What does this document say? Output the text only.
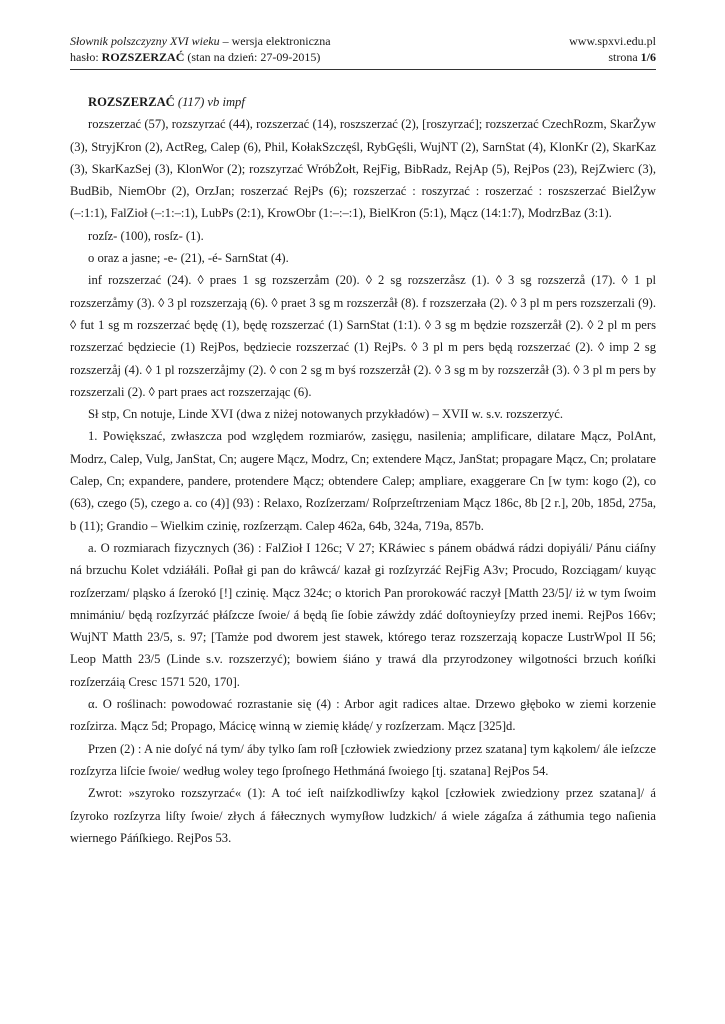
Słownik polszczyzny XVI wieku – wersja elektroniczna	www.spxvi.edu.pl
hasło: ROZSZERZAĆ (stan na dzień: 27-09-2015)	strona 1/6

ROZSZERZAĆ (117) vb impf

rozszerzać (57), rozszyrzać (44), rozszerzać (14), roszszerzać (2), [roszyrzać]; rozszerzać CzechRozm, SkarŻyw (3), StryjKron (2), ActReg, Calep (6), Phil, KołakSzczęśl, RybGęśli, WujNT (2), SarnStat (4), KlonKr (2), SkarKaz (3), SkarKazSej (3), KlonWor (2); rozszyrzać WróbŻołt, RejFig, BibRadz, RejAp (5), RejPos (23), RejZwierc (3), BudBib, NiemObr (2), OrzJan; roszerzać RejPs (6); rozszerzać : roszyrzać : roszerzać : roszszerzać BielŻyw (–:1:1), FalZioł (–:1:–:1), LubPs (2:1), KrowObr (1:–:–:1), BielKron (5:1), Mącz (14:1:7), ModrzBaz (3:1).

rozſz- (100), rosſz- (1).

o oraz a jasne; -e- (21), -é- SarnStat (4).

inf rozszerzać (24). ◊ praes 1 sg rozszerzåm (20). ◊ 2 sg rozszerzåsz (1). ◊ 3 sg rozszerzå (17). ◊ 1 pl rozszerzåmy (3). ◊ 3 pl rozszerzają (6). ◊ praet 3 sg m rozszerzåł (8). f rozszerzała (2). ◊ 3 pl m pers rozszerzali (9). ◊ fut 1 sg m rozszerzać będę (1), będę rozszerzać (1) SarnStat (1:1). ◊ 3 sg m będzie rozszerzåł (2). ◊ 2 pl m pers rozszerzać będziecie (1) RejPos, będziecie rozszerzać (1) RejPs. ◊ 3 pl m pers będą rozszerzać (2). ◊ imp 2 sg rozszerzåj (4). ◊ 1 pl rozszerzåjmy (2). ◊ con 2 sg m byś rozszerzåł (2). ◊ 3 sg m by rozszerzåł (3). ◊ 3 pl m pers by rozszerzali (2). ◊ part praes act rozszerzając (6).

Sł stp, Cn notuje, Linde XVI (dwa z niżej notowanych przykładów) – XVII w. s.v. rozszerzyć.

1. Powiększać, zwłaszcza pod względem rozmiarów, zasięgu, nasilenia; amplificare, dilatare Mącz, PolAnt, Modrz, Calep, Vulg, JanStat, Cn; augere Mącz, Modrz, Cn; extendere Mącz, JanStat; propagare Mącz, Cn; prolatare Calep, Cn; expandere, pandere, protendere Mącz; obtendere Calep; ampliare, exaggerare Cn [w tym: kogo (2), co (63), czego (5), czego a. co (4)] (93) : Relaxo, Rozſzerzam/ Roſprzeſtrzeniam Mącz 186c, 8b [2 r.], 20b, 185d, 275a, b (11); Grandio – Wielkim czinię, rozſzerząm. Calep 462a, 64b, 324a, 719a, 857b.

a. O rozmiarach fizycznych (36) : FalZioł I 126c; V 27; KRáwiec s pánem obádwá rádzi dopiyáli/ Pánu ciáſny ná brzuchu Kolet vdziáłáli. Poſłał gi pan do krâwcá/ kazał gi rozſzyrzáć RejFig A3v; Procudo, Rozciągam/ kuyąc rozſzerzam/ pląsko á ſzerokó [!] czinię. Mącz 324c; o ktorich Pan prorokowáć raczył [Matth 23/5]/ iż w tym ſwoim mnimániu/ będą rozſzyrzáć płáſzcze ſwoie/ á będą ſie ſobie záwżdy zdáć doſtoynieyſzy przed inemi. RejPos 166v; WujNT Matth 23/5, s. 97; [Tamże pod dworem jest stawek, którego teraz rozszerzają kopacze LustrWpol II 56; Leop Matth 23/5 (Linde s.v. rozszerzyć); bowiem śiáno y trawá dla przyrodzoney wilgotności brzuch końſki rozſzerzáią Cresc 1571 520, 170].

α. O roślinach: powodować rozrastanie się (4) : Arbor agit radices altae. Drzewo głęboko w ziemi korzenie rozſzirza. Mącz 5d; Propago, Mácicę winną w ziemię kłádę/ y rozſzerzam. Mącz [325]d.

Przen (2) : A nie doſyć ná tym/ áby tylko ſam roſł [człowiek zwiedziony przez szatana] tym kąkolem/ ále ieſzcze rozſzyrza liſcie ſwoie/ według woley tego ſproſnego Hethmáná ſwoiego [tj. szatana] RejPos 54.

Zwrot: »szyroko rozszyrzać« (1): A toć ieſt naiſzkodliwſzy kąkol [człowiek zwiedziony przez szatana]/ á ſzyroko rozſzyrza liſty ſwoie/ złych á fáłecznych wymyſłow ludzkich/ á wiele zágaſza á záthumia tego naſienia wiernego Páńſkiego. RejPos 53.
